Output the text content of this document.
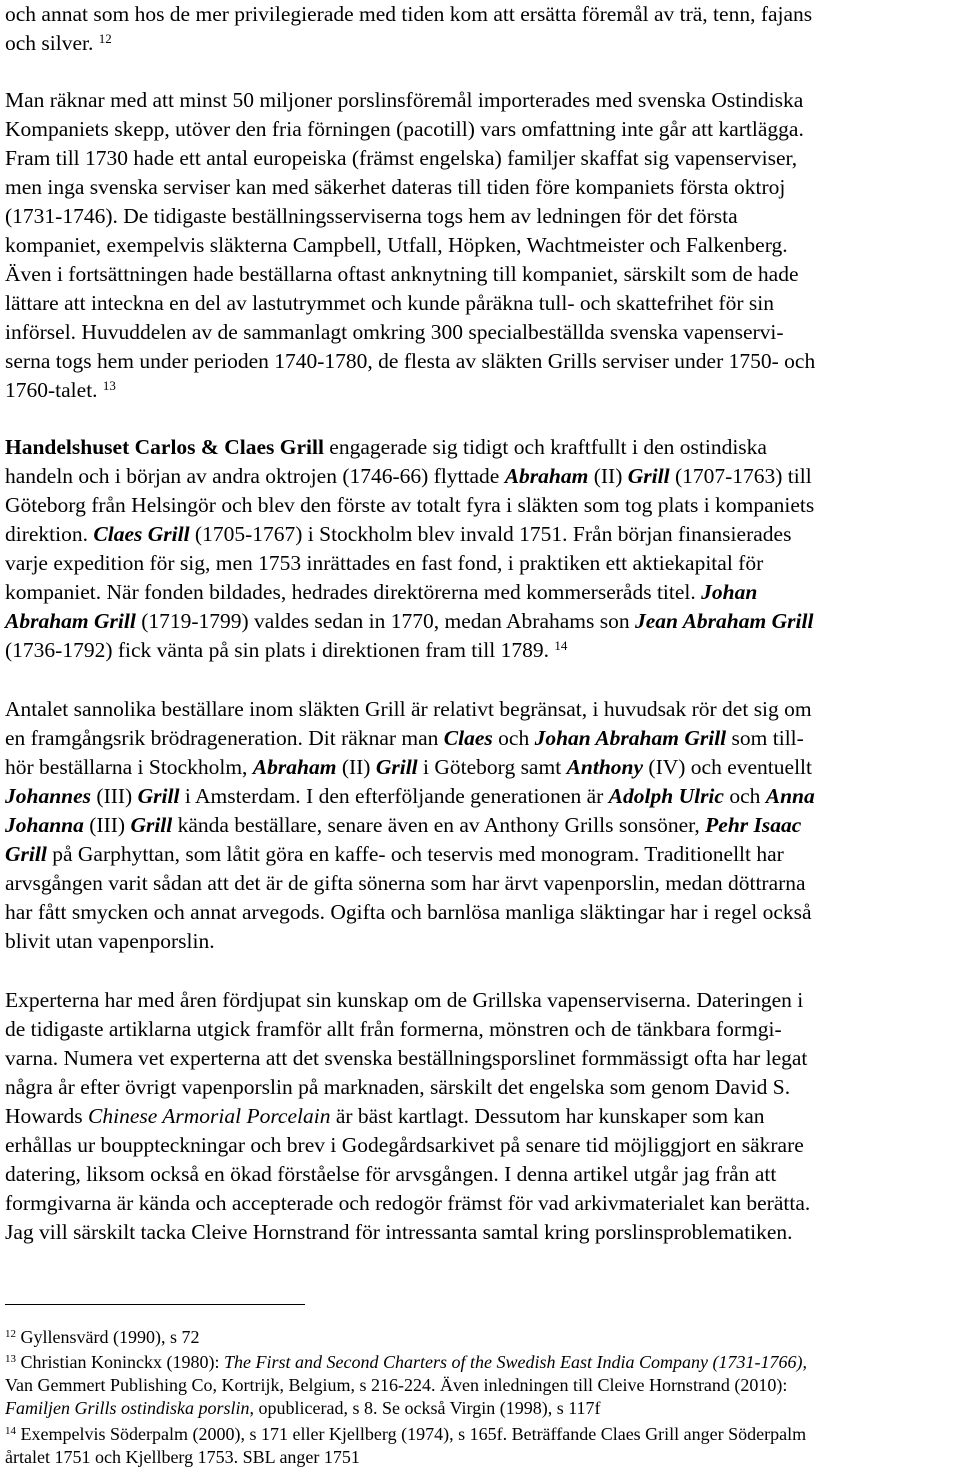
och annat som hos de mer privilegierade med tiden kom att ersätta föremål av trä, tenn, fajans
och silver. $^{12}$
Man räknar med att minst 50 miljoner porslinsföremål importerades med svenska Ostindiska
Kompaniets skepp, utöver den fria förningen (pacotill) vars omfattning inte går att kartlägga.
Fram till 1730 hade ett antal europeiska (främst engelska) familjer skaffat sig vapenserviser,
men inga svenska serviser kan med säkerhet dateras till tiden före kompaniets första oktroj
(1731-1746). De tidigaste beställningsserviserna togs hem av ledningen för det första
kompaniet, exempelvis släkterna Campbell, Utfall, Höpken, Wachtmeister och Falkenberg.
Även i fortsättningen hade beställarna oftast anknytning till kompaniet, särskilt som de hade
lättare att inteckna en del av lastutrymmet och kunde påräkna tull- och skattefrihet för sin
införsel. Huvuddelen av de sammanlagt omkring 300 specialbeställda svenska vapenservi-
serna togs hem under perioden 1740-1780, de flesta av släkten Grills serviser under 1750- och
1760-talet. $^{13}$
Handelshuset Carlos & Claes Grill engagerade sig tidigt och kraftfullt i den ostindiska
handeln och i början av andra oktrojen (1746-66) flyttade Abraham (II) Grill (1707-1763) till
Göteborg från Helsingör och blev den förste av totalt fyra i släkten som tog plats i kompaniets
direktion. Claes Grill (1705-1767) i Stockholm blev invald 1751. Från början finansierades
varje expedition för sig, men 1753 inrättades en fast fond, i praktiken ett aktiekapital för
kompaniet. När fonden bildades, hedrades direktörerna med kommerseråds titel. Johan
Abraham Grill (1719-1799) valdes sedan in 1770, medan Abrahams son Jean Abraham Grill
(1736-1792) fick vänta på sin plats i direktionen fram till 1789. $^{14}$
Antalet sannolika beställare inom släkten Grill är relativt begränsat, i huvudsak rör det sig om
en framgångsrik brödrageneration. Dit räknar man Claes och Johan Abraham Grill som till-
hör beställarna i Stockholm, Abraham (II) Grill i Göteborg samt Anthony (IV) och eventuellt
Johannes (III) Grill i Amsterdam. I den efterföljande generationen är Adolph Ulric och Anna
Johanna (III) Grill kända beställare, senare även en av Anthony Grills sonsöner, Pehr Isaac
Grill på Garphyttan, som låtit göra en kaffe- och teservis med monogram. Traditionellt har
arvsgången varit sådan att det är de gifta sönerna som har ärvt vapenporslin, medan döttrarna
har fått smycken och annat arvegods. Ogifta och barnlösa manliga släktingar har i regel också
blivit utan vapenporslin.
Experterna har med åren fördjupat sin kunskap om de Grillska vapenserviserna. Dateringen i
de tidigaste artiklarna utgick framför allt från formerna, mönstren och de tänkbara formgi-
varna. Numera vet experterna att det svenska beställningsporslinet formmässigt ofta har legat
några år efter övrigt vapenporslin på marknaden, särskilt det engelska som genom David S.
Howards Chinese Armorial Porcelain är bäst kartlagt. Dessutom har kunskaper som kan
erhållas ur bouppteckningar och brev i Godegårdsarkivet på senare tid möjliggjort en säkrare
datering, liksom också en ökad förståelse för arvsgången. I denna artikel utgår jag från att
formgivarna är kända och accepterade och redogör främst för vad arkivmaterialet kan berätta.
Jag vill särskilt tacka Cleive Hornstrand för intressanta samtal kring porslinsproblematiken.
$^{12}$ Gyllensvärd (1990), s 72
$^{13}$ Christian Koninckx (1980): The First and Second Charters of the Swedish East India Company (1731-1766),
Van Gemmert Publishing Co, Kortrijk, Belgium, s 216-224. Även inledningen till Cleive Hornstrand (2010):
Familjen Grills ostindiska porslin, opublicerad, s 8. Se också Virgin (1998), s 117f
$^{14}$ Exempelvis Söderpalm (2000), s 171 eller Kjellberg (1974), s 165f. Beträffande Claes Grill anger Söderpalm
årtalet 1751 och Kjellberg 1753. SBL anger 1751
